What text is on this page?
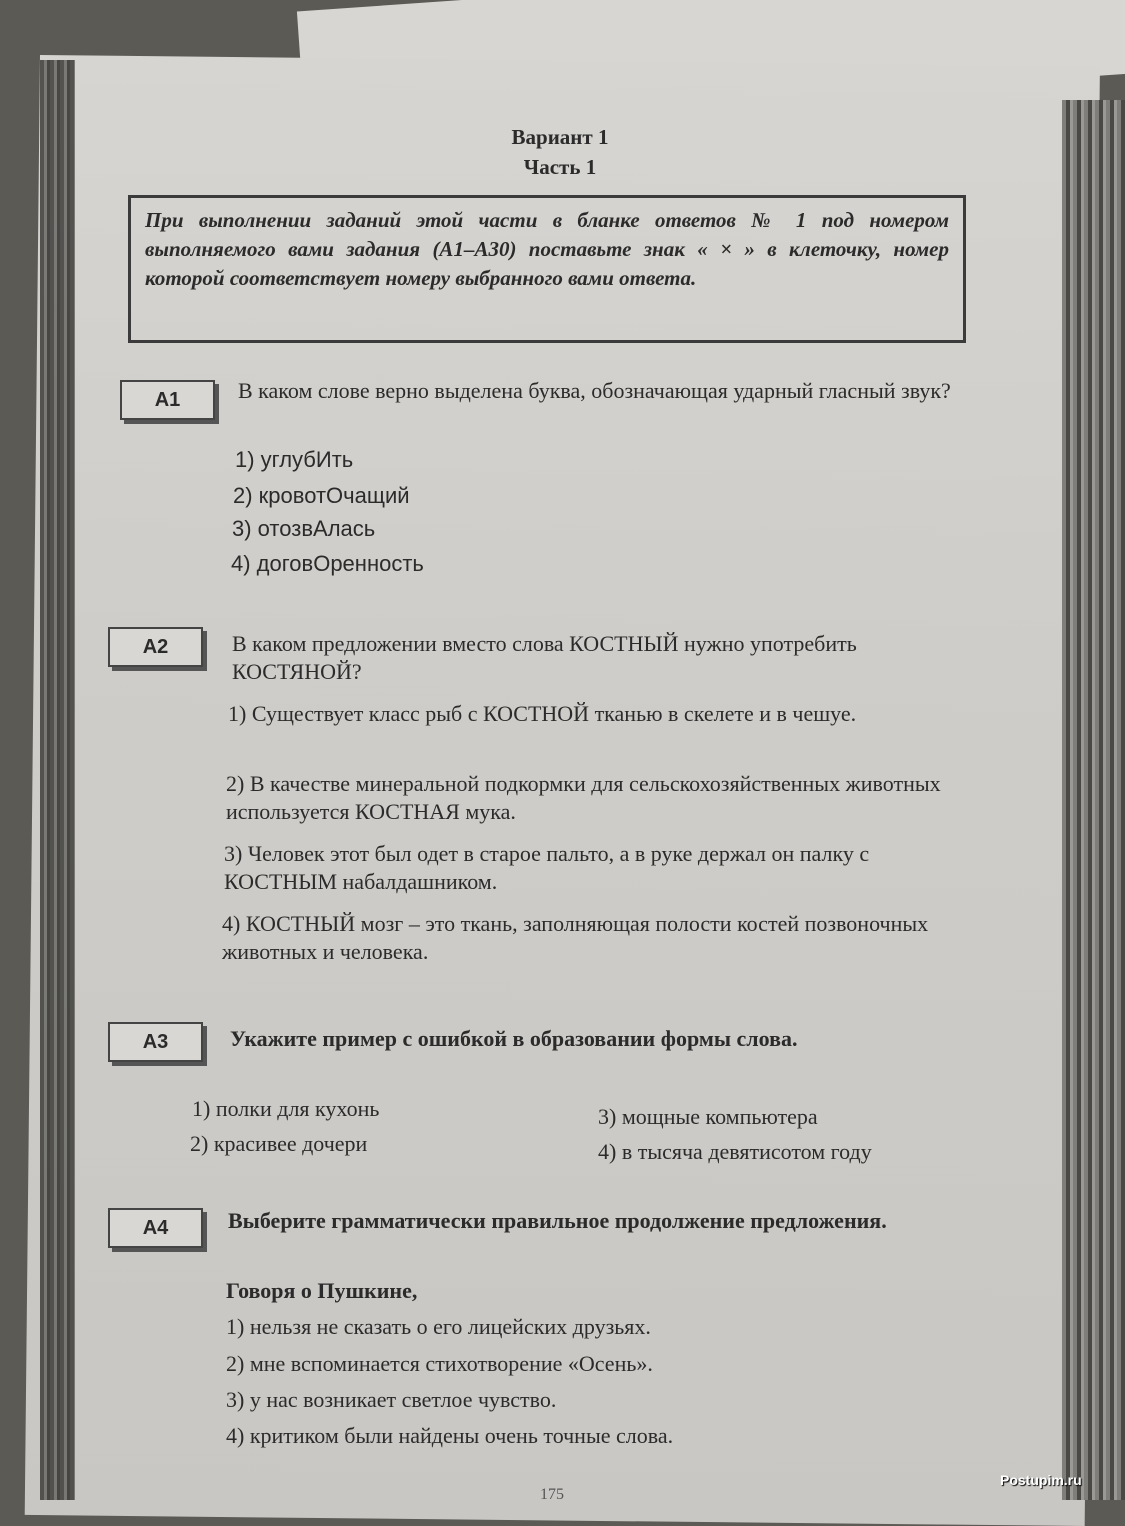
Вариант 1
Часть 1
При выполнении заданий этой части в бланке ответов № 1 под номером выполняемого вами задания (А1–А30) поставьте знак « × » в клеточку, номер которой соответствует номеру выбранного вами ответа.
A1	В каком слове верно выделена буква, обозначающая ударный гласный звук?
1) углубИть
2) кровотОчащий
3) отозвАлась
4) договОренность
A2	В каком предложении вместо слова КОСТНЫЙ нужно употребить КОСТЯНОЙ?
1) Существует класс рыб с КОСТНОЙ тканью в скелете и в чешуе.
2) В качестве минеральной подкормки для сельскохозяйственных животных используется КОСТНАЯ мука.
3) Человек этот был одет в старое пальто, а в руке держал он палку с КОСТНЫМ набалдашником.
4) КОСТНЫЙ мозг – это ткань, заполняющая полости костей позвоночных животных и человека.
A3	Укажите пример с ошибкой в образовании формы слова.
1) полки для кухонь
2) красивее дочери
3) мощные компьютера
4) в тысяча девятисотом году
A4	Выберите грамматически правильное продолжение предложения.
Говоря о Пушкине,
1) нельзя не сказать о его лицейских друзьях.
2) мне вспоминается стихотворение «Осень».
3) у нас возникает светлое чувство.
4) критиком были найдены очень точные слова.
175
Postupim.ru
